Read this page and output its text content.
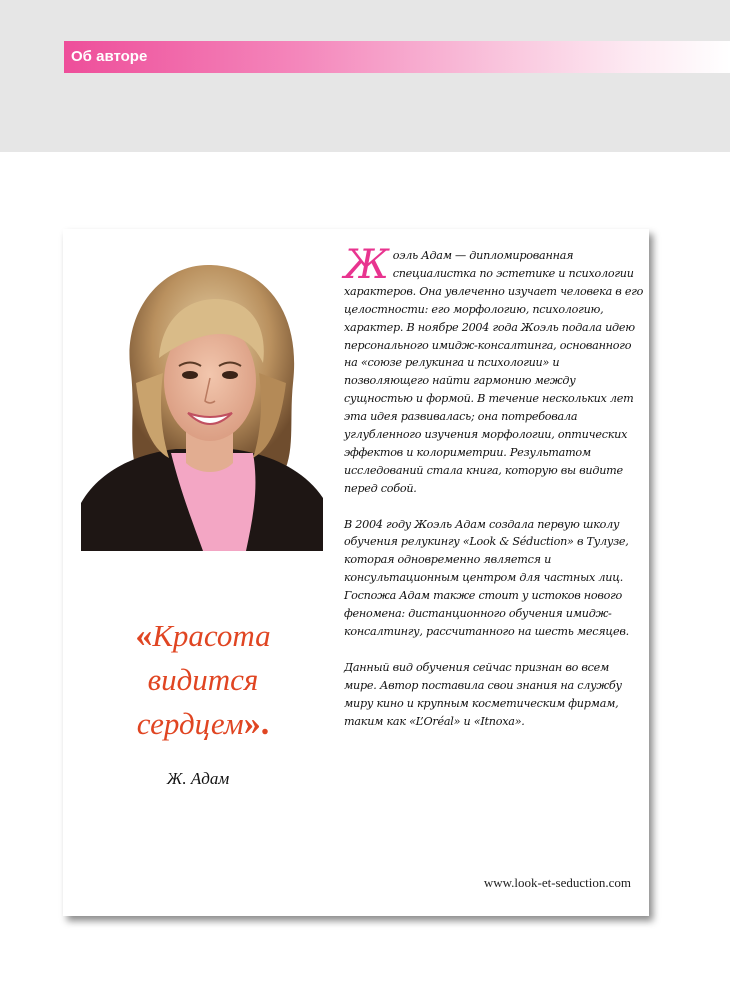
Об авторе

Жоэль Адам — дипломированная специалистка по эстетике и психологии характеров. Она увлеченно изучает человека в его целостности: его морфологию, психологию, характер. В ноябре 2004 года Жоэль подала идею персонального имидж-консалтинга, основанного на «союзе релукинга и психологии» и позволяющего найти гармонию между сущностью и формой. В течение нескольких лет эта идея развивалась; она потребовала углубленного изучения морфологии, оптических эффектов и колориметрии. Результатом исследований стала книга, которую вы видите перед собой.

В 2004 году Жоэль Адам создала первую школу обучения релукингу «Look & Séduction» в Тулузе, которая одновременно является и консультационным центром для частных лиц. Госпожа Адам также стоит у истоков нового феномена: дистанционного обучения имидж-консалтингу, рассчитанного на шесть месяцев.

Данный вид обучения сейчас признан во всем мире. Автор поставила свои знания на службу миру кино и крупным косметическим фирмам, таким как «L’Oréal» и «Itnoxa».

«Красота
видится
сердцем».
Ж. Адам
www.look-et-seduction.com
